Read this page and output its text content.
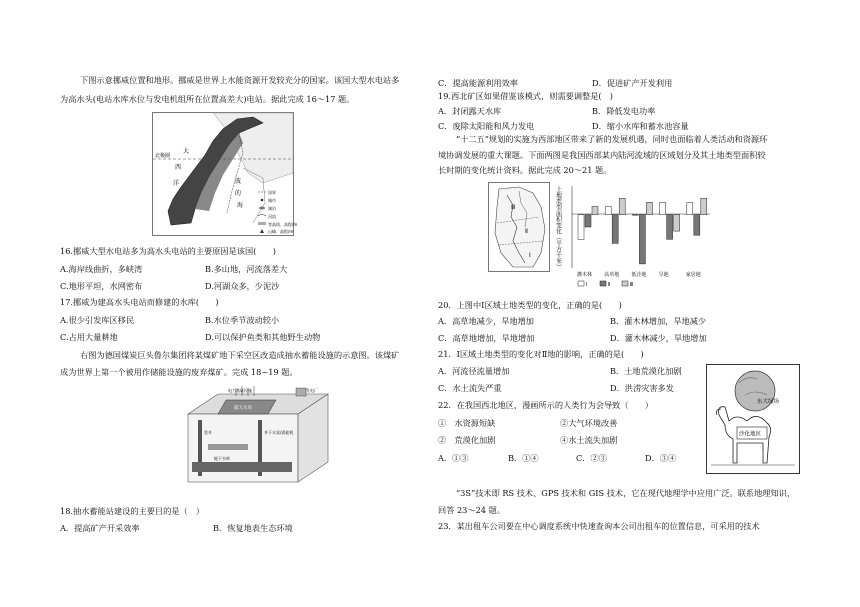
下图示意挪威位置和地形。挪威是世界上水能资源开发较充分的国家。该国大型水电站多
为高水头(电站水库水位与发电机组所在位置高差大)电站。据此完成 16～17 题。
北极圈
大
西
洋	波
的
海
国界
城市
湖泊
河流
等高线、高程/m
山峰、高程/m
16.挪威大型水电站多为高水头电站的主要原因是该国(　　)
A.海岸线曲折，多峡湾	B.多山地，河流落差大
C.地形平坦，水网密布	D.河湖众多，少泥沙
17.挪威为建高水头电站而修建的水库(　　)
A.很少引发库区移民	B.水位季节波动较小
C.占用大量耕地	D.可以保护鱼类和其他野生动物
右图为德国煤炭巨头鲁尔集团将某煤矿地下采空区改造成抽水蓄能设施的示意图。该煤矿
成为世界上第一个被用作储能设施的废弃煤矿。完成 18~19 题。
电力基础设施	发电厂
露天水库
地下水库
竖井	井下水泵/涡轮机
18.抽水蓄能站建设的主要目的是（　）
A．提高矿产开采效率	B．恢复地表生态环境
C．提高能源利用效率	D．促进矿产开发利用
19.西北矿区如果借鉴该模式，则需要调整是(　)
A．封闭露天水库	B．降低发电功率
C．废除太阳能和风力发电	D．缩小水库和蓄水池容量
“十二五”规划的实施为西部地区带来了新的发展机遇，同时也面临着人类活动和资源环
境协调发展的重大课题。下面两图是我国西部某内陆河流域的区域划分及其土地类型面积较
长时期的变化统计资料。据此完成 20～21 题。
Ⅰ
Ⅱ
Ⅲ	土地类型面积变化（平方千米）
灌木林 高草地 低洼地 旱地	家居地
Ⅰ	Ⅱ	Ⅲ
20．上图中Ⅰ区域土地类型的变化，正确的是(　　)
A．高草地减少，旱地增加	B．灌木林增加，旱地减少
C．高草地增加，旱地增加	D．灌木林减少，旱地增加
21．Ⅰ区域土地类型的变化对Ⅱ地的影响，正确的是(　　)
A．河流径流量增加	B．土地荒漠化加剧
C．水土流失严重	D．洪涝灾害多发
22．在我国西北地区，漫画所示的人类行为会导致（　　）
①　水资源短缺	②大气环境改善
②　荒漠化加剧	④水土流失加剧
A．①③	B．①④	C．②③	D．③④
东大绿场
沙化地区
“3S”技术即 RS 技术、GPS 技术和 GIS 技术，它在现代地理学中应用广泛。联系地理知识，
回答 23～24 题。
23．某出租车公司要在中心调度系统中快速查询本公司出租车的位置信息，可采用的技术
